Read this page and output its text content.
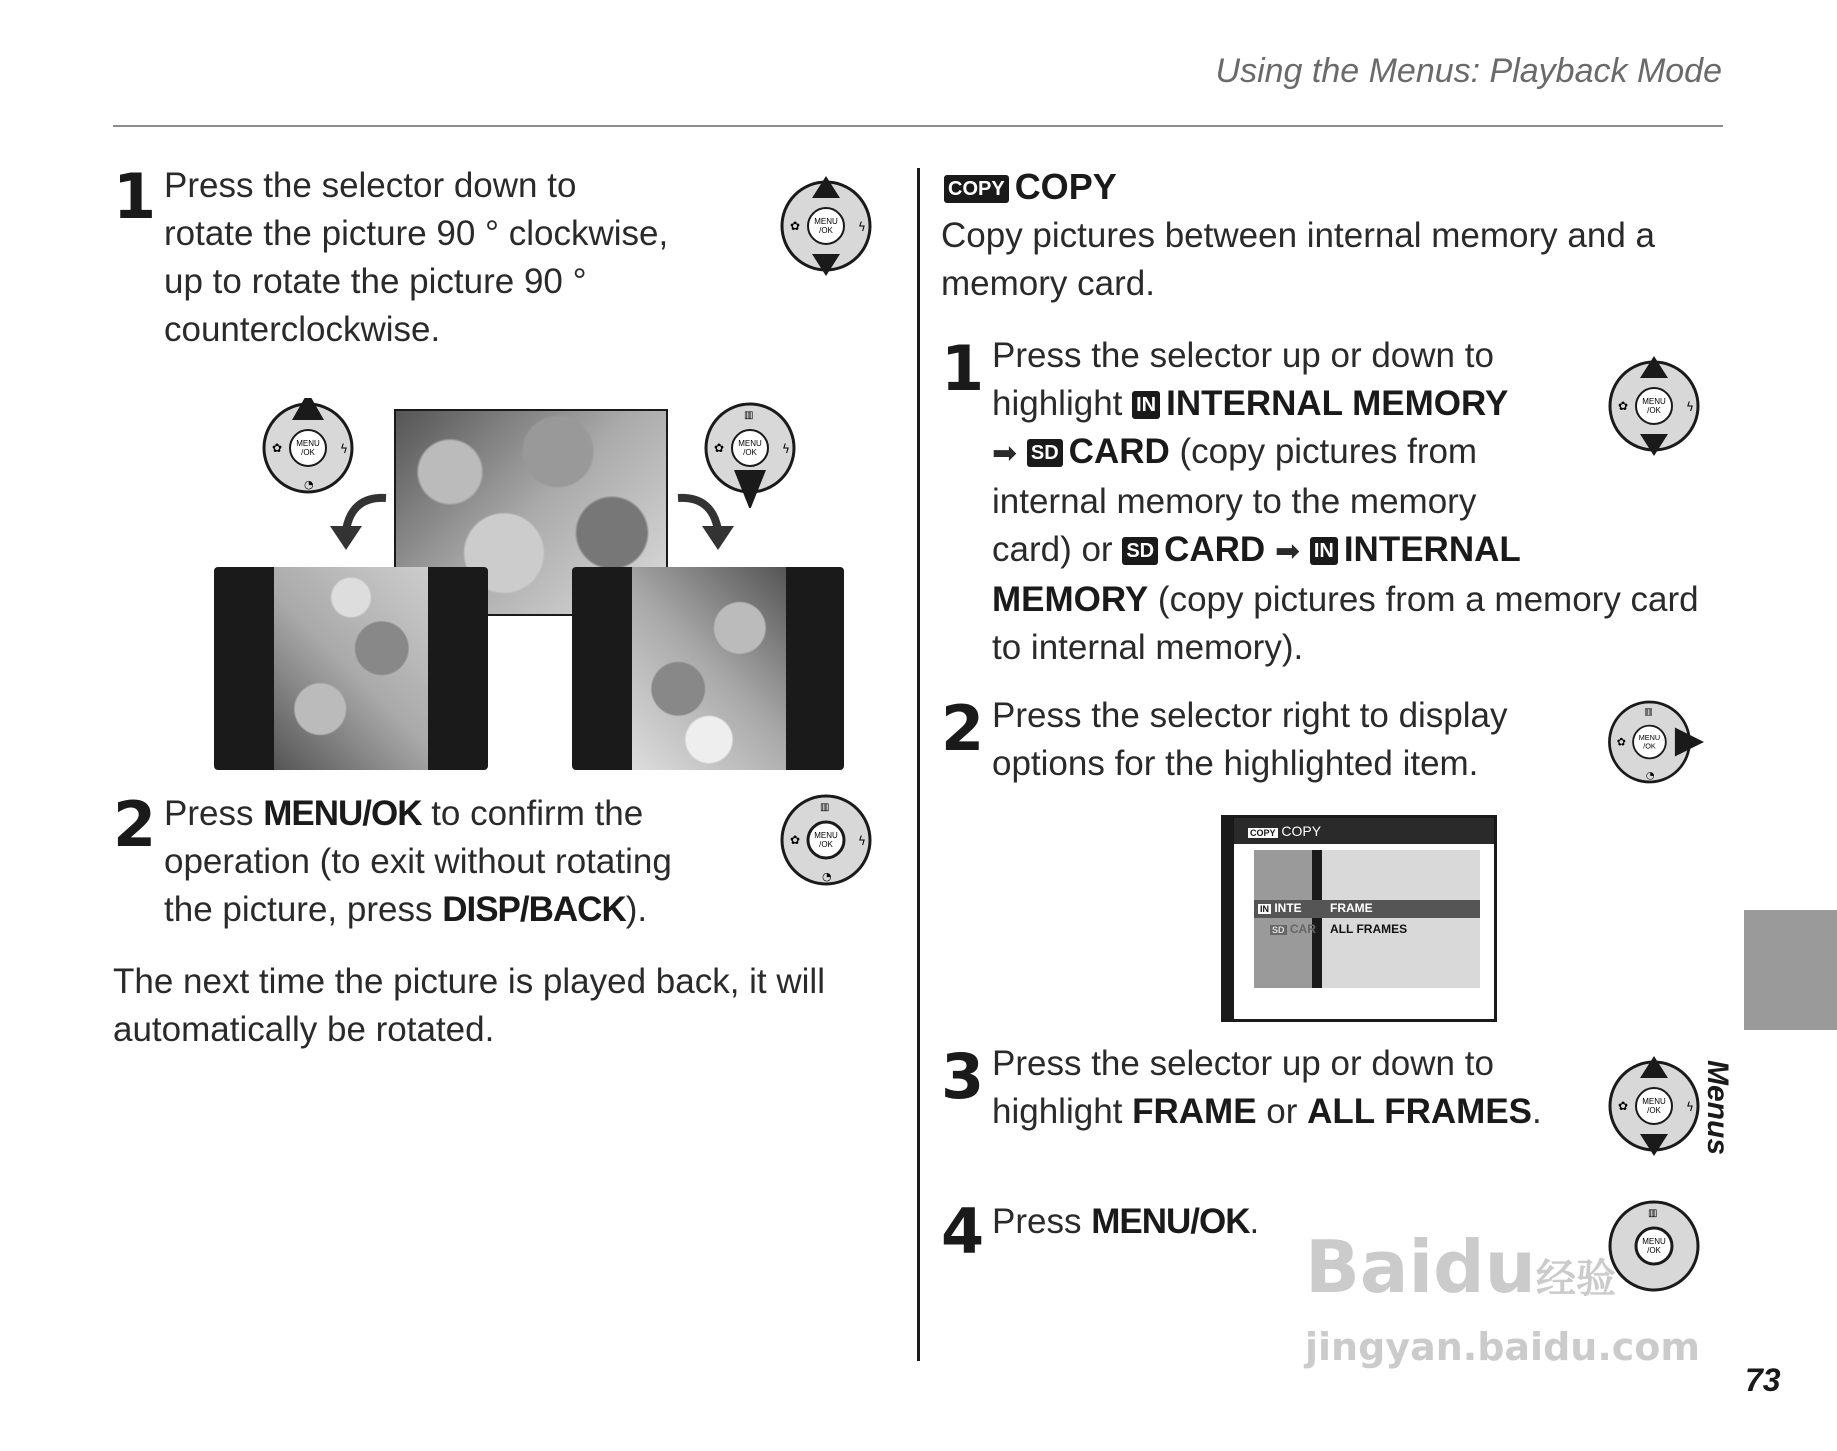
Using the Menus: Playback Mode
1 Press the selector down to
rotate the picture 90 ° clockwise,
up to rotate the picture 90 °
counterclockwise.
MENU
/OK
✿	ϟ
MENU
/OK
✿	ϟ
◔
MENU
/OK
✿	ϟ
▥
2 Press MENU/OK to confirm the
operation (to exit without rotating
the picture, press DISP/BACK).
MENU
/OK
✿	ϟ
▥
◔
The next time the picture is played back, it will
automatically be rotated.
COPY COPY
Copy pictures between internal memory and a
memory card.
1 Press the selector up or down to
highlight IN INTERNAL MEMORY
➡ SD CARD (copy pictures from
internal memory to the memory
card) or SD CARD ➡ IN INTERNAL
MEMORY (copy pictures from a memory card
to internal memory).
MENU
/OK
✿	ϟ
2 Press the selector right to display
options for the highlighted item.
MENU
/OK
✿
▥
◔
COPY COPY
IN INTE
SD CAR
FRAME
ALL FRAMES
3 Press the selector up or down to
highlight FRAME or ALL FRAMES.	MENU
/OK
✿	ϟ
4 Press MENU/OK.
MENU
/OK
▥
Baidu经验
jingyan.baidu.com
Menus
73
